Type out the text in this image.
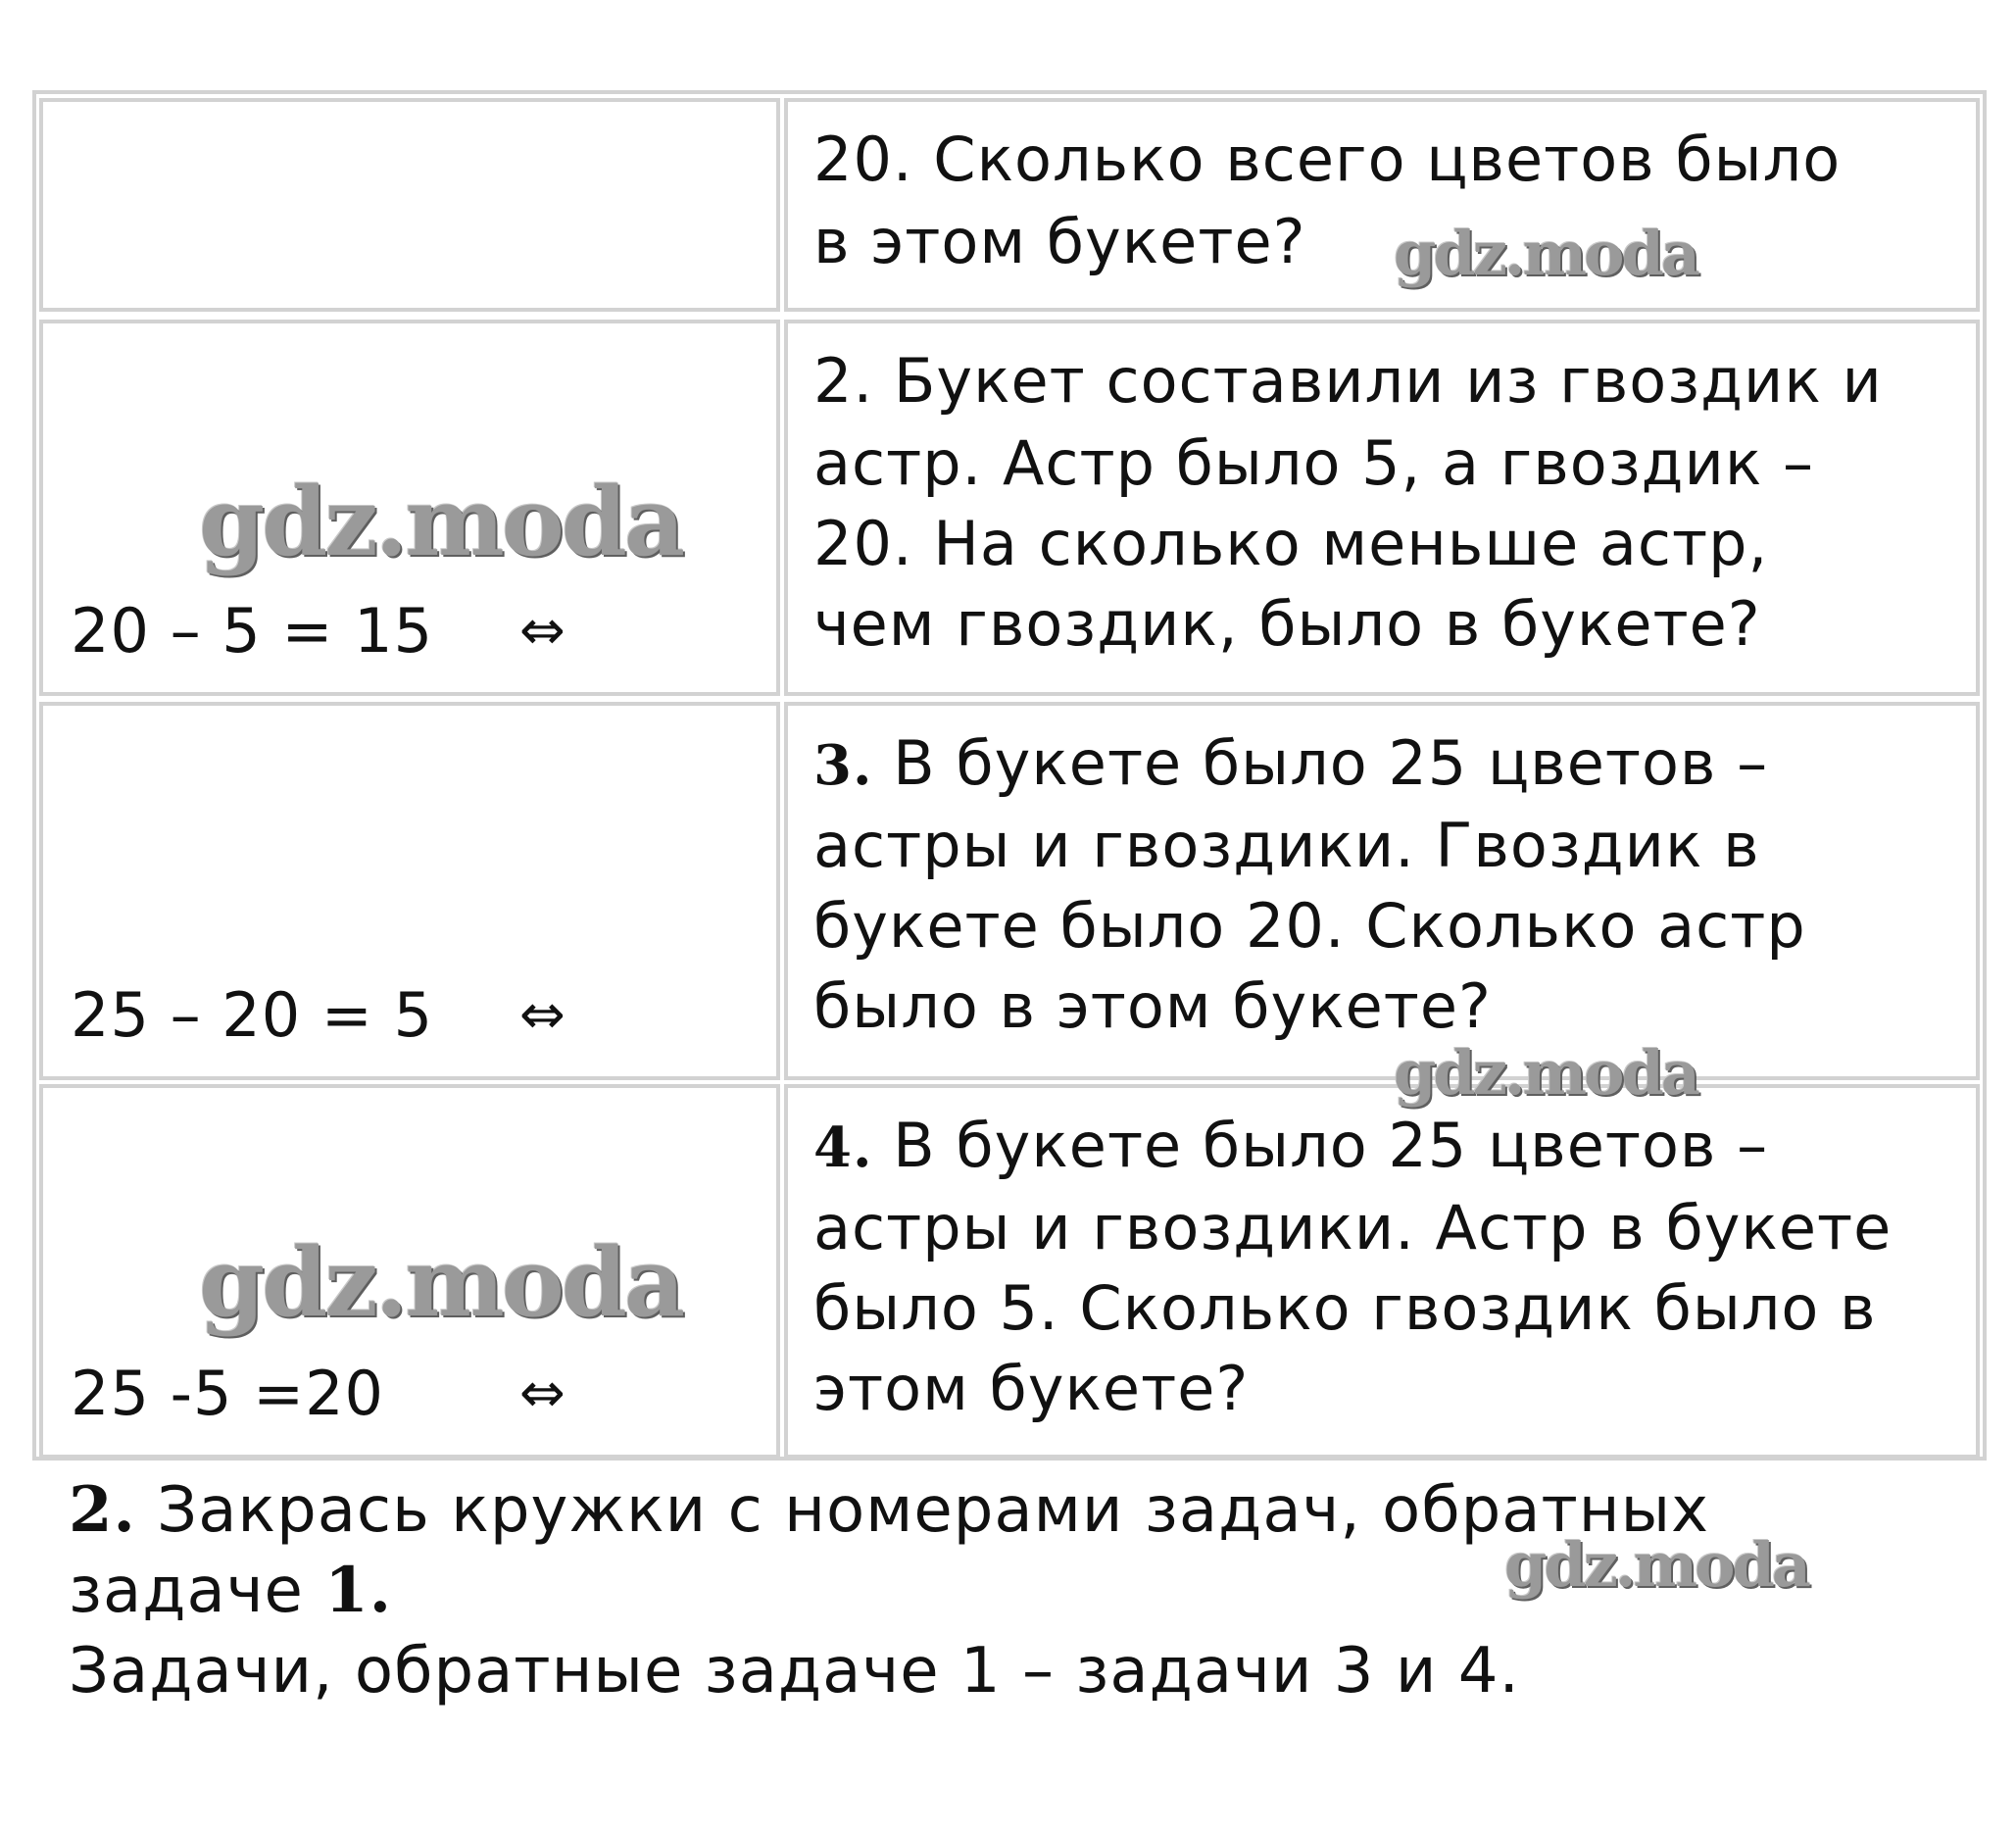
20. Сколько всего цветов было
в этом букете?
20 – 5 = 15 ⇔
2. Букет составили из гвоздик и
астр. Астр было 5, а гвоздик –
20. На сколько меньше астр,
чем гвоздик, было в букете?
25 – 20 = 5 ⇔
3. В букете было 25 цветов –
астры и гвоздики. Гвоздик в
букете было 20. Сколько астр
было в этом букете?
25 -5 =20 ⇔
4. В букете было 25 цветов –
астры и гвоздики. Астр в букете
было 5. Сколько гвоздик было в
этом букете?
gdz.moda
gdz.moda
gdz.moda
gdz.moda
gdz.moda
2. Закрась кружки с номерами задач, обратных
задаче 1.
Задачи, обратные задаче 1 – задачи 3 и 4.
